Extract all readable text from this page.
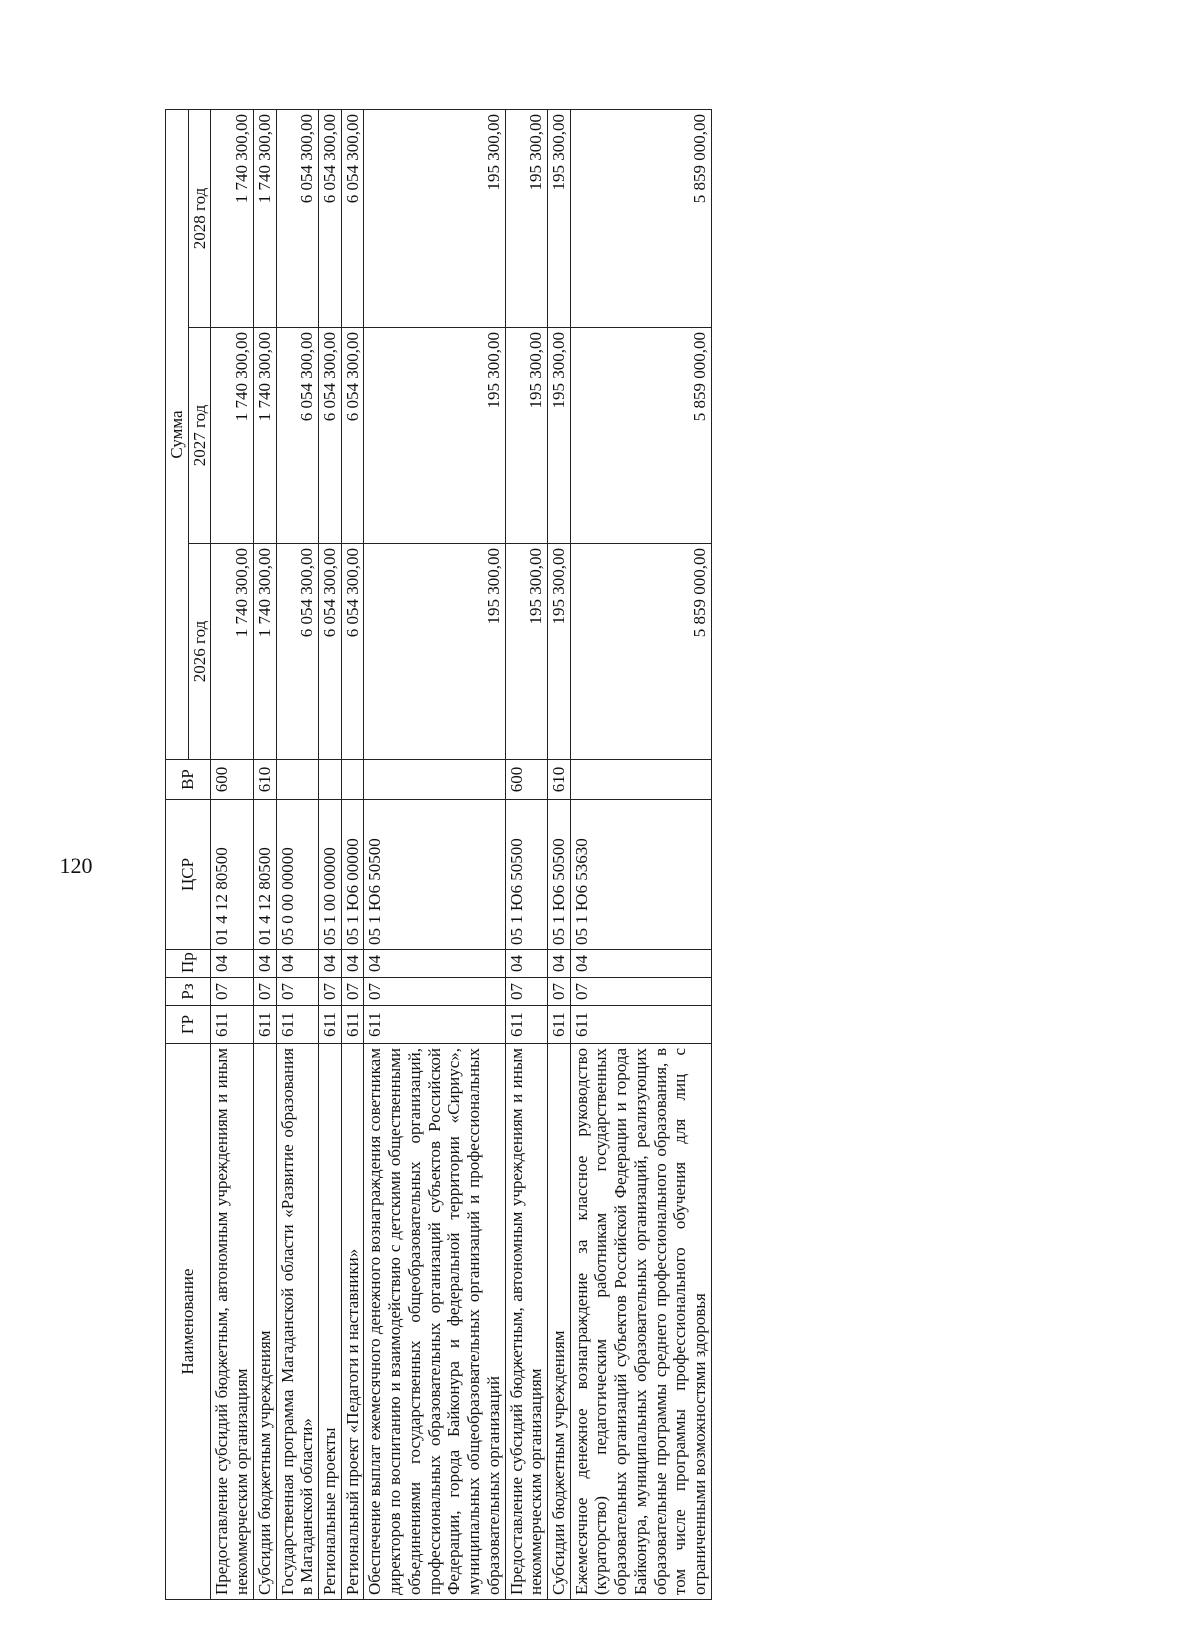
120
Наименование	ГР	Рз	Пр	ЦСР	ВР	Сумма		
						2026 год	2027 год	2028 год
Предоставление субсидий бюджетным, автономным учреждениям и иным некоммерческим организациям	611	07	04	01 4 12 80500	600	1 740 300,00	1 740 300,00	1 740 300,00
Субсидии бюджетным учреждениям	611	07	04	01 4 12 80500	610	1 740 300,00	1 740 300,00	1 740 300,00
Государственная программа Магаданской области «Развитие образования в Магаданской области»	611	07	04	05 0 00 00000		6 054 300,00	6 054 300,00	6 054 300,00
Региональные проекты	611	07	04	05 1 00 00000		6 054 300,00	6 054 300,00	6 054 300,00
Региональный проект «Педагоги и наставники»	611	07	04	05 1 Ю6 00000		6 054 300,00	6 054 300,00	6 054 300,00
Обеспечение выплат ежемесячного денежного вознаграждения советникам директоров по воспитанию и взаимодействию с детскими общественными объединениями государственных общеобразовательных организаций, профессиональных образовательных организаций субъектов Российской Федерации, города Байконура и федеральной территории «Сириус», муниципальных общеобразовательных организаций и профессиональных образовательных организаций	611	07	04	05 1 Ю6 50500		195 300,00	195 300,00	195 300,00
Предоставление субсидий бюджетным, автономным учреждениям и иным некоммерческим организациям	611	07	04	05 1 Ю6 50500	600	195 300,00	195 300,00	195 300,00
Субсидии бюджетным учреждениям	611	07	04	05 1 Ю6 50500	610	195 300,00	195 300,00	195 300,00
Ежемесячное денежное вознаграждение за классное руководство (кураторство) педагогическим работникам государственных образовательных организаций субъектов Российской Федерации и города Байконура, муниципальных образовательных организаций, реализующих образовательные программы среднего профессионального образования, в том числе программы профессионального обучения для лиц с ограниченными возможностями здоровья	611	07	04	05 1 Ю6 53630		5 859 000,00	5 859 000,00	5 859 000,00
